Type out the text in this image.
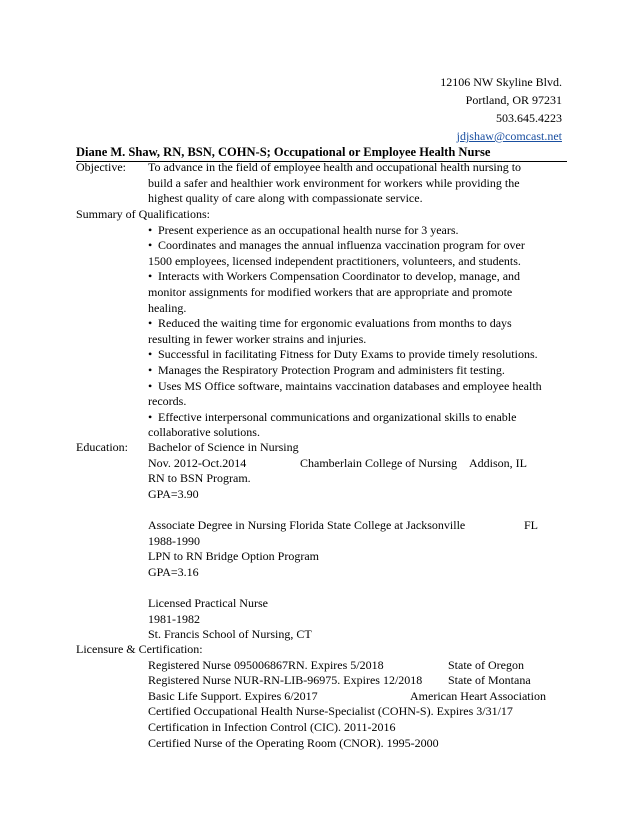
12106 NW Skyline Blvd.
Portland, OR 97231
503.645.4223
jdjshaw@comcast.net
Diane M. Shaw, RN, BSN, COHN-S; Occupational or Employee Health Nurse
Objective: To advance in the field of employee health and occupational health nursing to
build a safer and healthier work environment for workers while providing the
highest quality of care along with compassionate service.
Summary of Qualifications:
• Present experience as an occupational health nurse for 3 years.
• Coordinates and manages the annual influenza vaccination program for over
1500 employees, licensed independent practitioners, volunteers, and students.
• Interacts with Workers Compensation Coordinator to develop, manage, and
monitor assignments for modified workers that are appropriate and promote
healing.
• Reduced the waiting time for ergonomic evaluations from months to days
resulting in fewer worker strains and injuries.
• Successful in facilitating Fitness for Duty Exams to provide timely resolutions.
• Manages the Respiratory Protection Program and administers fit testing.
• Uses MS Office software, maintains vaccination databases and employee health
records.
• Effective interpersonal communications and organizational skills to enable
collaborative solutions.
Education: Bachelor of Science in Nursing
Nov. 2012-Oct.2014	Chamberlain College of Nursing Addison, IL
RN to BSN Program.
GPA=3.90
Associate Degree in Nursing Florida State College at Jacksonville	FL
1988-1990
LPN to RN Bridge Option Program
GPA=3.16
Licensed Practical Nurse
1981-1982
St. Francis School of Nursing, CT
Licensure & Certification:
Registered Nurse 095006867RN. Expires 5/2018	State of Oregon
Registered Nurse NUR-RN-LIB-96975. Expires 12/2018 State of Montana
Basic Life Support. Expires 6/2017	American Heart Association
Certified Occupational Health Nurse-Specialist (COHN-S). Expires 3/31/17
Certification in Infection Control (CIC). 2011-2016
Certified Nurse of the Operating Room (CNOR). 1995-2000
